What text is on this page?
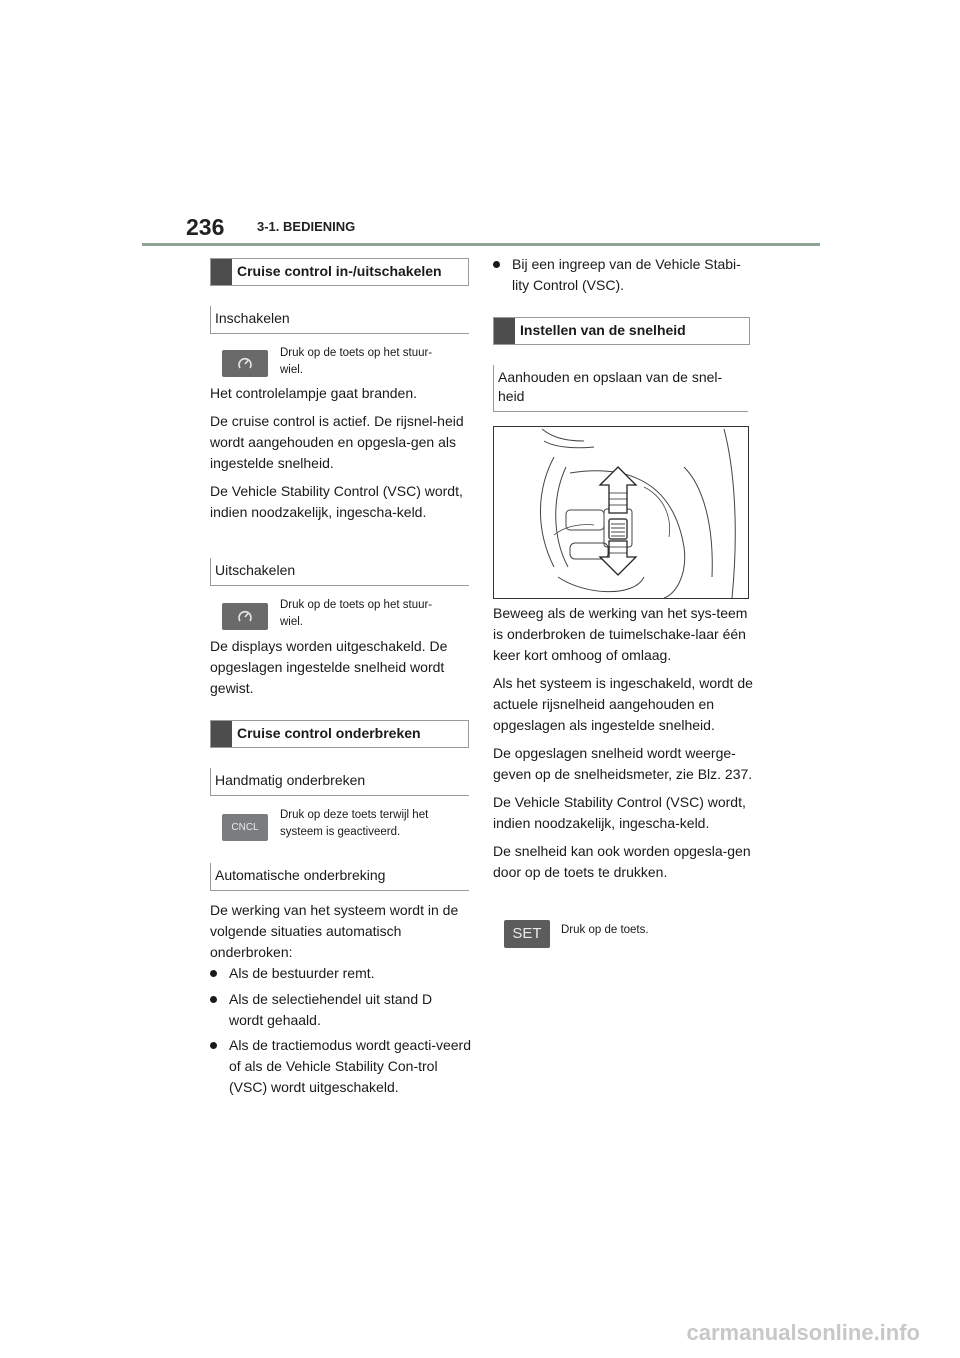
236	3-1. BEDIENING
Cruise control in-/uitschakelen
Inschakelen
Druk op de toets op het stuur-wiel.

Het controlelampje gaat branden.

De cruise control is actief. De rijsnel-heid wordt aangehouden en opgesla-gen als ingestelde snelheid.

De Vehicle Stability Control (VSC) wordt, indien noodzakelijk, ingescha-keld.

Uitschakelen
Druk op de toets op het stuur-wiel.

De displays worden uitgeschakeld. De opgeslagen ingestelde snelheid wordt gewist.

Cruise control onderbreken
Handmatig onderbreken
CNCL
Druk op deze toets terwijl het systeem is geactiveerd.
Automatische onderbreking

De werking van het systeem wordt in de volgende situaties automatisch onderbroken:

Als de bestuurder remt.
Als de selectiehendel uit stand D wordt gehaald.
Als de tractiemodus wordt geacti-veerd of als de Vehicle Stability Con-trol (VSC) wordt uitgeschakeld.
Bij een ingreep van de Vehicle Stabi-lity Control (VSC).
Instellen van de snelheid
Aanhouden en opslaan van de snel-heid

Beweeg als de werking van het sys-teem is onderbroken de tuimelschake-laar één keer kort omhoog of omlaag.

Als het systeem is ingeschakeld, wordt de actuele rijsnelheid aangehouden en opgeslagen als ingestelde snelheid.

De opgeslagen snelheid wordt weerge-geven op de snelheidsmeter, zie Blz. 237.

De Vehicle Stability Control (VSC) wordt, indien noodzakelijk, ingescha-keld.

De snelheid kan ook worden opgesla-gen door op de toets te drukken.

SET	Druk op de toets.
carmanualsonline.info
